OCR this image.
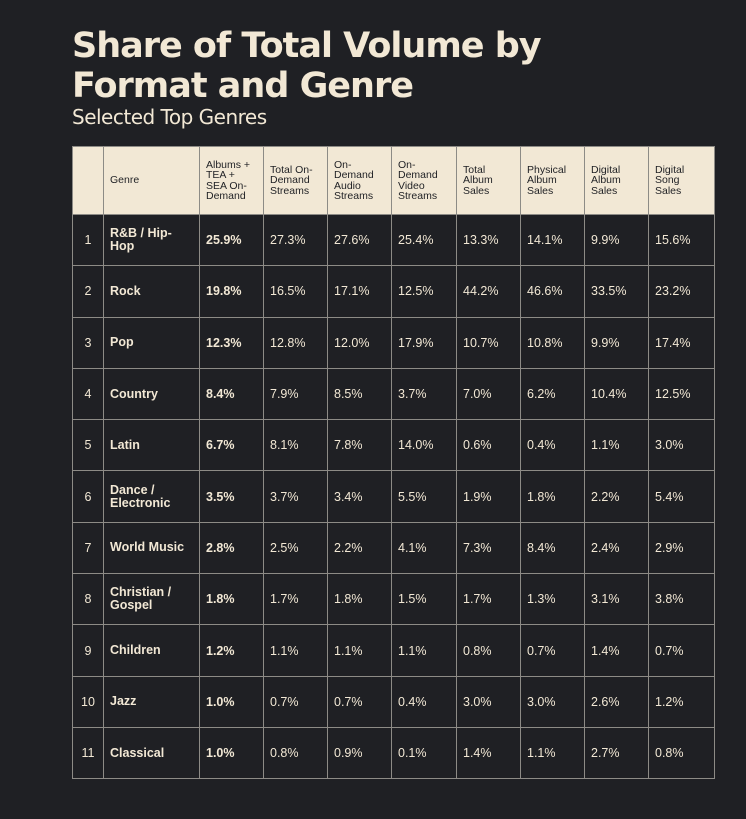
Share of Total Volume by Format and Genre
Selected Top Genres
	Genre	Albums + TEA + SEA On-Demand	Total On-Demand Streams	On-Demand Audio Streams	On-Demand Video Streams	Total Album Sales	Physical Album Sales	Digital Album Sales	Digital Song Sales
1	R&B / Hip-Hop	25.9%	27.3%	27.6%	25.4%	13.3%	14.1%	9.9%	15.6%
2	Rock	19.8%	16.5%	17.1%	12.5%	44.2%	46.6%	33.5%	23.2%
3	Pop	12.3%	12.8%	12.0%	17.9%	10.7%	10.8%	9.9%	17.4%
4	Country	8.4%	7.9%	8.5%	3.7%	7.0%	6.2%	10.4%	12.5%
5	Latin	6.7%	8.1%	7.8%	14.0%	0.6%	0.4%	1.1%	3.0%
6	Dance / Electronic	3.5%	3.7%	3.4%	5.5%	1.9%	1.8%	2.2%	5.4%
7	World Music	2.8%	2.5%	2.2%	4.1%	7.3%	8.4%	2.4%	2.9%
8	Christian / Gospel	1.8%	1.7%	1.8%	1.5%	1.7%	1.3%	3.1%	3.8%
9	Children	1.2%	1.1%	1.1%	1.1%	0.8%	0.7%	1.4%	0.7%
10	Jazz	1.0%	0.7%	0.7%	0.4%	3.0%	3.0%	2.6%	1.2%
11	Classical	1.0%	0.8%	0.9%	0.1%	1.4%	1.1%	2.7%	0.8%
